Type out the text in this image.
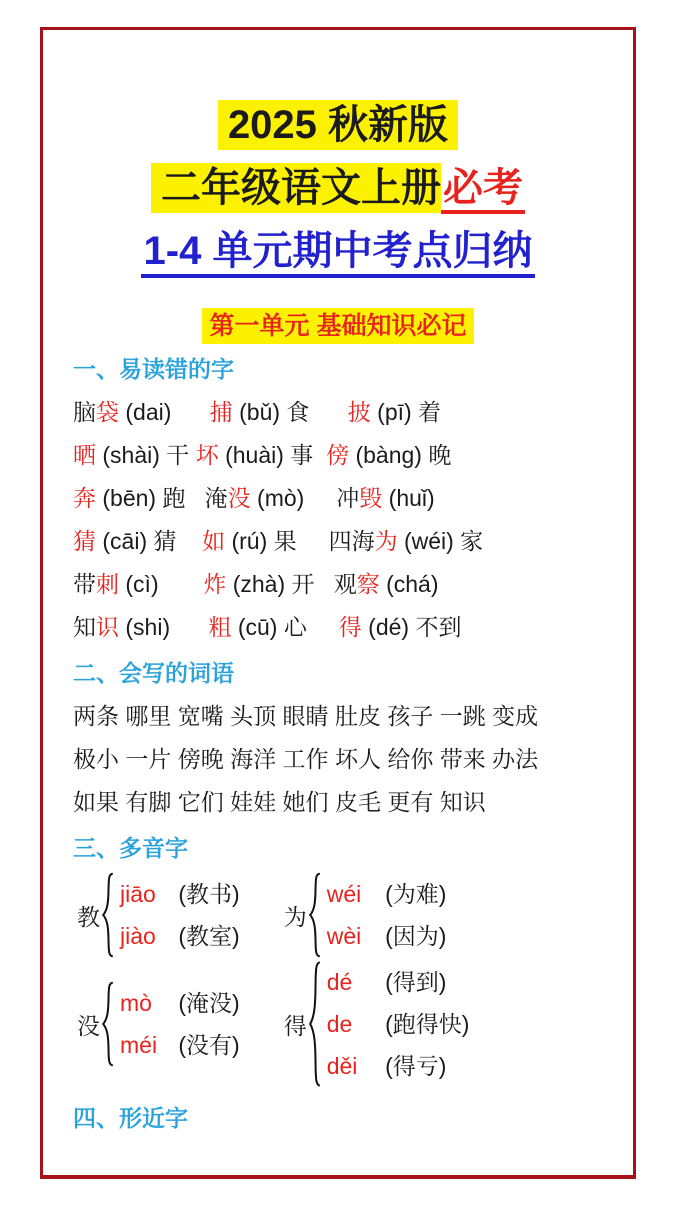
2025 秋新版
二年级语文上册必考
1-4 单元期中考点归纳
第一单元 基础知识必记
一、易读错的字
脑袋 (dai)      捕 (bǔ) 食      披 (pī) 着
晒 (shài) 干 坏 (huài) 事  傍 (bàng) 晚
奔 (bēn) 跑   淹没 (mò)     冲毁 (huǐ)
猜 (cāi) 猜    如 (rú) 果     四海为 (wéi) 家
带刺 (cì)       炸 (zhà) 开   观察 (chá)
知识 (shi)      粗 (cū) 心     得 (dé) 不到
二、会写的词语
两条 哪里 宽嘴 头顶 眼睛 肚皮 孩子 一跳 变成
极小 一片 傍晚 海洋 工作 坏人 给你 带来 办法
如果 有脚 它们 娃娃 她们 皮毛 更有 知识
三、多音字
教
jiāo (教书)
jiào (教室)
为
wéi (为难)
wèi (因为)
没
mò (淹没)
méi (没有)
得
dé (得到)
de (跑得快)
děi (得亏)
四、形近字
